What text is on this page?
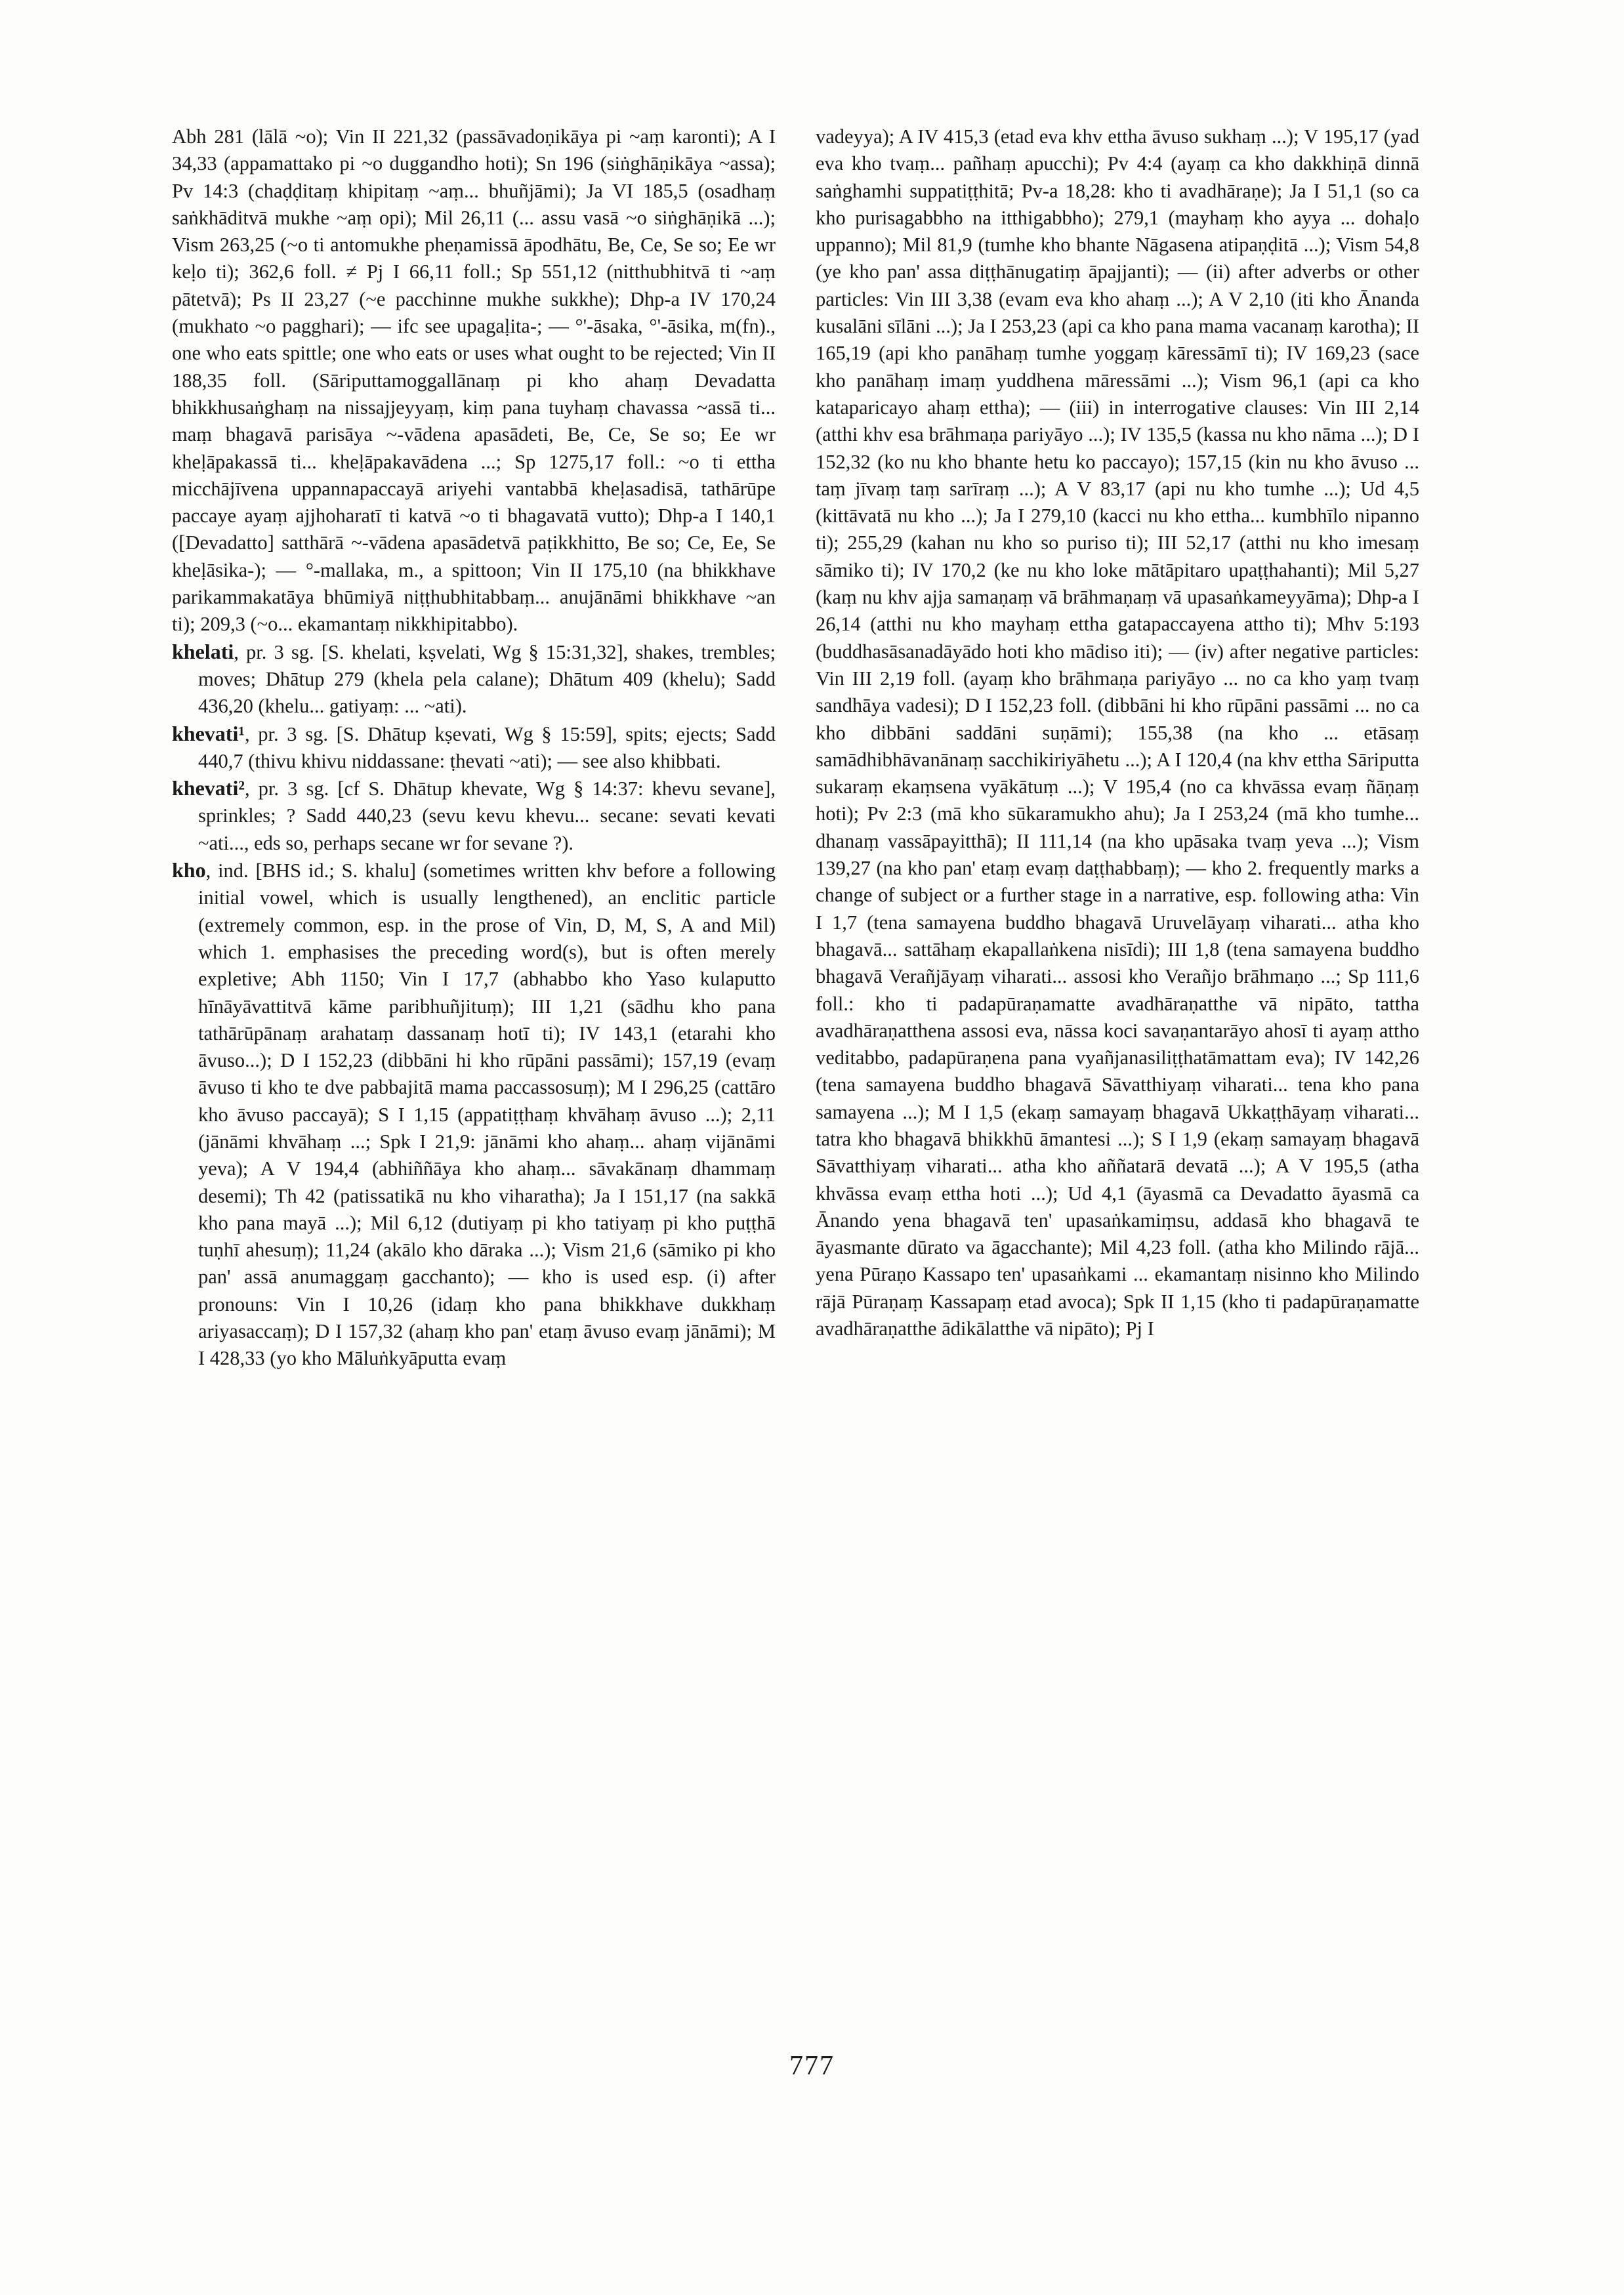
Abh 281 (lālā ~o); Vin II 221,32 (passāvadoṇikāya pi ~aṃ karonti); A I 34,33 (appamattako pi ~o duggandho hoti); Sn 196 (siṅghāṇikāya ~assa); Pv 14:3 (chaḍḍitaṃ khipitaṃ ~aṃ... bhuñjāmi); Ja VI 185,5 (osadhaṃ saṅkhāditvā mukhe ~aṃ opi); Mil 26,11 (... assu vasā ~o siṅghāṇikā ...); Vism 263,25 (~o ti antomukhe pheṇamissā āpodhātu, Be, Ce, Se so; Ee wr keḷo ti); 362,6 foll. ≠ Pj I 66,11 foll.; Sp 551,12 (nitthubhitvā ti ~aṃ pātetvā); Ps II 23,27 (~e pacchinne mukhe sukkhe); Dhp-a IV 170,24 (mukhato ~o pagghari); — ifc see upagaḷita-; — °'-āsaka, °'-āsika, m(fn)., one who eats spittle; one who eats or uses what ought to be rejected; Vin II 188,35 foll. (Sāriputtamoggallānaṃ pi kho ahaṃ Devadatta bhikkhusaṅghaṃ na nissajjeyyaṃ, kiṃ pana tuyhaṃ chavassa ~assā ti... maṃ bhagavā parisāya ~-vādena apasādeti, Be, Ce, Se so; Ee wr kheḷāpakassā ti... kheḷāpakavādena ...; Sp 1275,17 foll.: ~o ti ettha micchājīvena uppannapaccayā ariyehi vantabbā kheḷasadisā, tathārūpe paccaye ayaṃ ajjhoharatī ti katvā ~o ti bhagavatā vutto); Dhp-a I 140,1 ([Devadatto] satthārā ~-vādena apasādetvā paṭikkhitto, Be so; Ce, Ee, Se kheḷāsika-); — °-mallaka, m., a spittoon; Vin II 175,10 (na bhikkhave parikammakatāya bhūmiyā niṭṭhubhitabbaṃ... anujānāmi bhikkhave ~an ti); 209,3 (~o... ekamantaṃ nikkhipitabbo).

khelati, pr. 3 sg. [S. khelati, kṣvelati, Wg § 15:31,32], shakes, trembles; moves; Dhātup 279 (khela pela calane); Dhātum 409 (khelu); Sadd 436,20 (khelu... gatiyaṃ: ... ~ati).

khevati¹, pr. 3 sg. [S. Dhātup kṣevati, Wg § 15:59], spits; ejects; Sadd 440,7 (thivu khivu niddassane: ṭhevati ~ati); — see also khibbati.

khevati², pr. 3 sg. [cf S. Dhātup khevate, Wg § 14:37: khevu sevane], sprinkles; ? Sadd 440,23 (sevu kevu khevu... secane: sevati kevati ~ati..., eds so, perhaps secane wr for sevane ?).

kho, ind. [BHS id.; S. khalu] (sometimes written khv before a following initial vowel, which is usually lengthened), an enclitic particle (extremely common, esp. in the prose of Vin, D, M, S, A and Mil) which 1. emphasises the preceding word(s), but is often merely expletive; Abh 1150; Vin I 17,7 (abhabbo kho Yaso kulaputto hīnāyāvattitvā kāme paribhuñjituṃ); III 1,21 (sādhu kho pana tathārūpānaṃ arahataṃ dassanaṃ hotī ti); IV 143,1 (etarahi kho āvuso...); D I 152,23 (dibbāni hi kho rūpāni passāmi); 157,19 (evaṃ āvuso ti kho te dve pabbajitā mama paccassosuṃ); M I 296,25 (cattāro kho āvuso paccayā); S I 1,15 (appatiṭṭhaṃ khvāhaṃ āvuso ...); 2,11 (jānāmi khvāhaṃ ...; Spk I 21,9: jānāmi kho ahaṃ... ahaṃ vijānāmi yeva); A V 194,4 (abhiññāya kho ahaṃ... sāvakānaṃ dhammaṃ desemi); Th 42 (patissatikā nu kho viharatha); Ja I 151,17 (na sakkā kho pana mayā ...); Mil 6,12 (dutiyaṃ pi kho tatiyaṃ pi kho puṭṭhā tuṇhī ahesuṃ); 11,24 (akālo kho dāraka ...); Vism 21,6 (sāmiko pi kho pan' assā anumaggaṃ gacchanto); — kho is used esp. (i) after pronouns: Vin I 10,26 (idaṃ kho pana bhikkhave dukkhaṃ ariyasaccaṃ); D I 157,32 (ahaṃ kho pan' etaṃ āvuso evaṃ jānāmi); M I 428,33 (yo kho Māluṅkyāputta evaṃ

vadeyya); A IV 415,3 (etad eva khv ettha āvuso sukhaṃ ...); V 195,17 (yad eva kho tvaṃ... pañhaṃ apucchi); Pv 4:4 (ayaṃ ca kho dakkhiṇā dinnā saṅghamhi suppatiṭṭhitā; Pv-a 18,28: kho ti avadhāraṇe); Ja I 51,1 (so ca kho purisagabbho na itthigabbho); 279,1 (mayhaṃ kho ayya ... dohaḷo uppanno); Mil 81,9 (tumhe kho bhante Nāgasena atipaṇḍitā ...); Vism 54,8 (ye kho pan' assa diṭṭhānugatiṃ āpajjanti); — (ii) after adverbs or other particles: Vin III 3,38 (evam eva kho ahaṃ ...); A V 2,10 (iti kho Ānanda kusalāni sīlāni ...); Ja I 253,23 (api ca kho pana mama vacanaṃ karotha); II 165,19 (api kho panāhaṃ tumhe yoggaṃ kāressāmī ti); IV 169,23 (sace kho panāhaṃ imaṃ yuddhena māressāmi ...); Vism 96,1 (api ca kho kataparicayo ahaṃ ettha); — (iii) in interrogative clauses: Vin III 2,14 (atthi khv esa brāhmaṇa pariyāyo ...); IV 135,5 (kassa nu kho nāma ...); D I 152,32 (ko nu kho bhante hetu ko paccayo); 157,15 (kin nu kho āvuso ... taṃ jīvaṃ taṃ sarīraṃ ...); A V 83,17 (api nu kho tumhe ...); Ud 4,5 (kittāvatā nu kho ...); Ja I 279,10 (kacci nu kho ettha... kumbhīlo nipanno ti); 255,29 (kahan nu kho so puriso ti); III 52,17 (atthi nu kho imesaṃ sāmiko ti); IV 170,2 (ke nu kho loke mātāpitaro upaṭṭhahanti); Mil 5,27 (kaṃ nu khv ajja samaṇaṃ vā brāhmaṇaṃ vā upasaṅkameyyāma); Dhp-a I 26,14 (atthi nu kho mayhaṃ ettha gatapaccayena attho ti); Mhv 5:193 (buddhasāsanadāyādo hoti kho mādiso iti); — (iv) after negative particles: Vin III 2,19 foll. (ayaṃ kho brāhmaṇa pariyāyo ... no ca kho yaṃ tvaṃ sandhāya vadesi); D I 152,23 foll. (dibbāni hi kho rūpāni passāmi ... no ca kho dibbāni saddāni suṇāmi); 155,38 (na kho ... etāsaṃ samādhibhāvanānaṃ sacchikiriyāhetu ...); A I 120,4 (na khv ettha Sāriputta sukaraṃ ekaṃsena vyākātuṃ ...); V 195,4 (no ca khvāssa evaṃ ñāṇaṃ hoti); Pv 2:3 (mā kho sūkaramukho ahu); Ja I 253,24 (mā kho tumhe... dhanaṃ vassāpayitthā); II 111,14 (na kho upāsaka tvaṃ yeva ...); Vism 139,27 (na kho pan' etaṃ evaṃ daṭṭhabbaṃ); — kho 2. frequently marks a change of subject or a further stage in a narrative, esp. following atha: Vin I 1,7 (tena samayena buddho bhagavā Uruvelāyaṃ viharati... atha kho bhagavā... sattāhaṃ ekapallaṅkena nisīdi); III 1,8 (tena samayena buddho bhagavā Verañjāyaṃ viharati... assosi kho Verañjo brāhmaṇo ...; Sp 111,6 foll.: kho ti padapūraṇamatte avadhāraṇatthe vā nipāto, tattha avadhāraṇatthena assosi eva, nāssa koci savaṇantarāyo ahosī ti ayaṃ attho veditabbo, padapūraṇena pana vyañjanasiliṭṭhatāmattam eva); IV 142,26 (tena samayena buddho bhagavā Sāvatthiyaṃ viharati... tena kho pana samayena ...); M I 1,5 (ekaṃ samayaṃ bhagavā Ukkaṭṭhāyaṃ viharati... tatra kho bhagavā bhikkhū āmantesi ...); S I 1,9 (ekaṃ samayaṃ bhagavā Sāvatthiyaṃ viharati... atha kho aññatarā devatā ...); A V 195,5 (atha khvāssa evaṃ ettha hoti ...); Ud 4,1 (āyasmā ca Devadatto āyasmā ca Ānando yena bhagavā ten' upasaṅkamiṃsu, addasā kho bhagavā te āyasmante dūrato va āgacchante); Mil 4,23 foll. (atha kho Milindo rājā... yena Pūraṇo Kassapo ten' upasaṅkami ... ekamantaṃ nisinno kho Milindo rājā Pūraṇaṃ Kassapaṃ etad avoca); Spk II 1,15 (kho ti padapūraṇamatte avadhāraṇatthe ādikālatthe vā nipāto); Pj I

777
